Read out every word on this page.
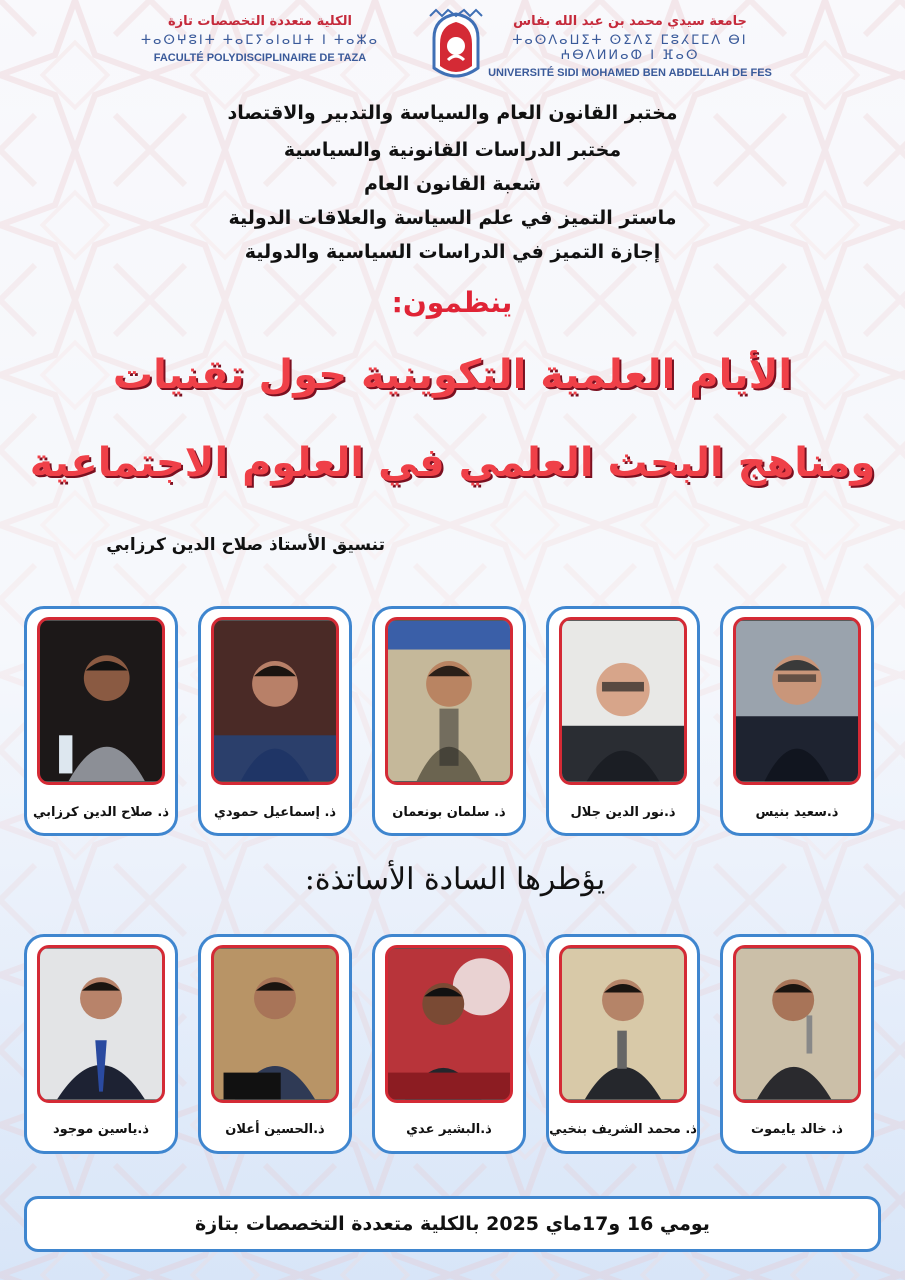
جامعة سيدي محمد بن عبد الله بفاس
ⵜⴰⵙⴷⴰⵡⵉⵜ ⵙⵉⴷⵉ ⵎⵓⵃⵎⵎⴷ ⴱⵏ ⵄⴱⴷⵍⵍⴰⵀ ⵏ ⴼⴰⵙ
UNIVERSITÉ SIDI MOHAMED BEN ABDELLAH DE FES
الكلية متعددة التخصصات تازة
ⵜⴰⵙⵖⵓⵏⵜ ⵜⴰⵎⵢⴰⵏⴰⵡⵜ ⵏ ⵜⴰⵣⴰ
FACULTÉ POLYDISCIPLINAIRE DE TAZA
مختبر القانون العام والسياسة والتدبير والاقتصاد
مختبر الدراسات القانونية والسياسية
شعبة القانون العام
ماستر التميز في علم السياسة والعلاقات الدولية
إجازة التميز في الدراسات السياسية والدولية
ينظمون:
الأيام العلمية التكوينية حول تقنيات
ومناهج البحث العلمي في العلوم الاجتماعية
تنسيق الأستاذ صلاح الدين كرزابي
ذ.سعيد بنيس
ذ.نور الدين جلال
ذ. سلمان بونعمان
ذ. إسماعيل حمودي
ذ. صلاح الدين كرزابي
يؤطرها السادة الأساتذة:
ذ. خالد يايموت
ذ. محمد الشريف بنخيي
ذ.البشير عدي
ذ.الحسين أعلان
ذ.ياسين موجود
يومي 16 و17ماي 2025 بالكلية متعددة التخصصات بتازة
